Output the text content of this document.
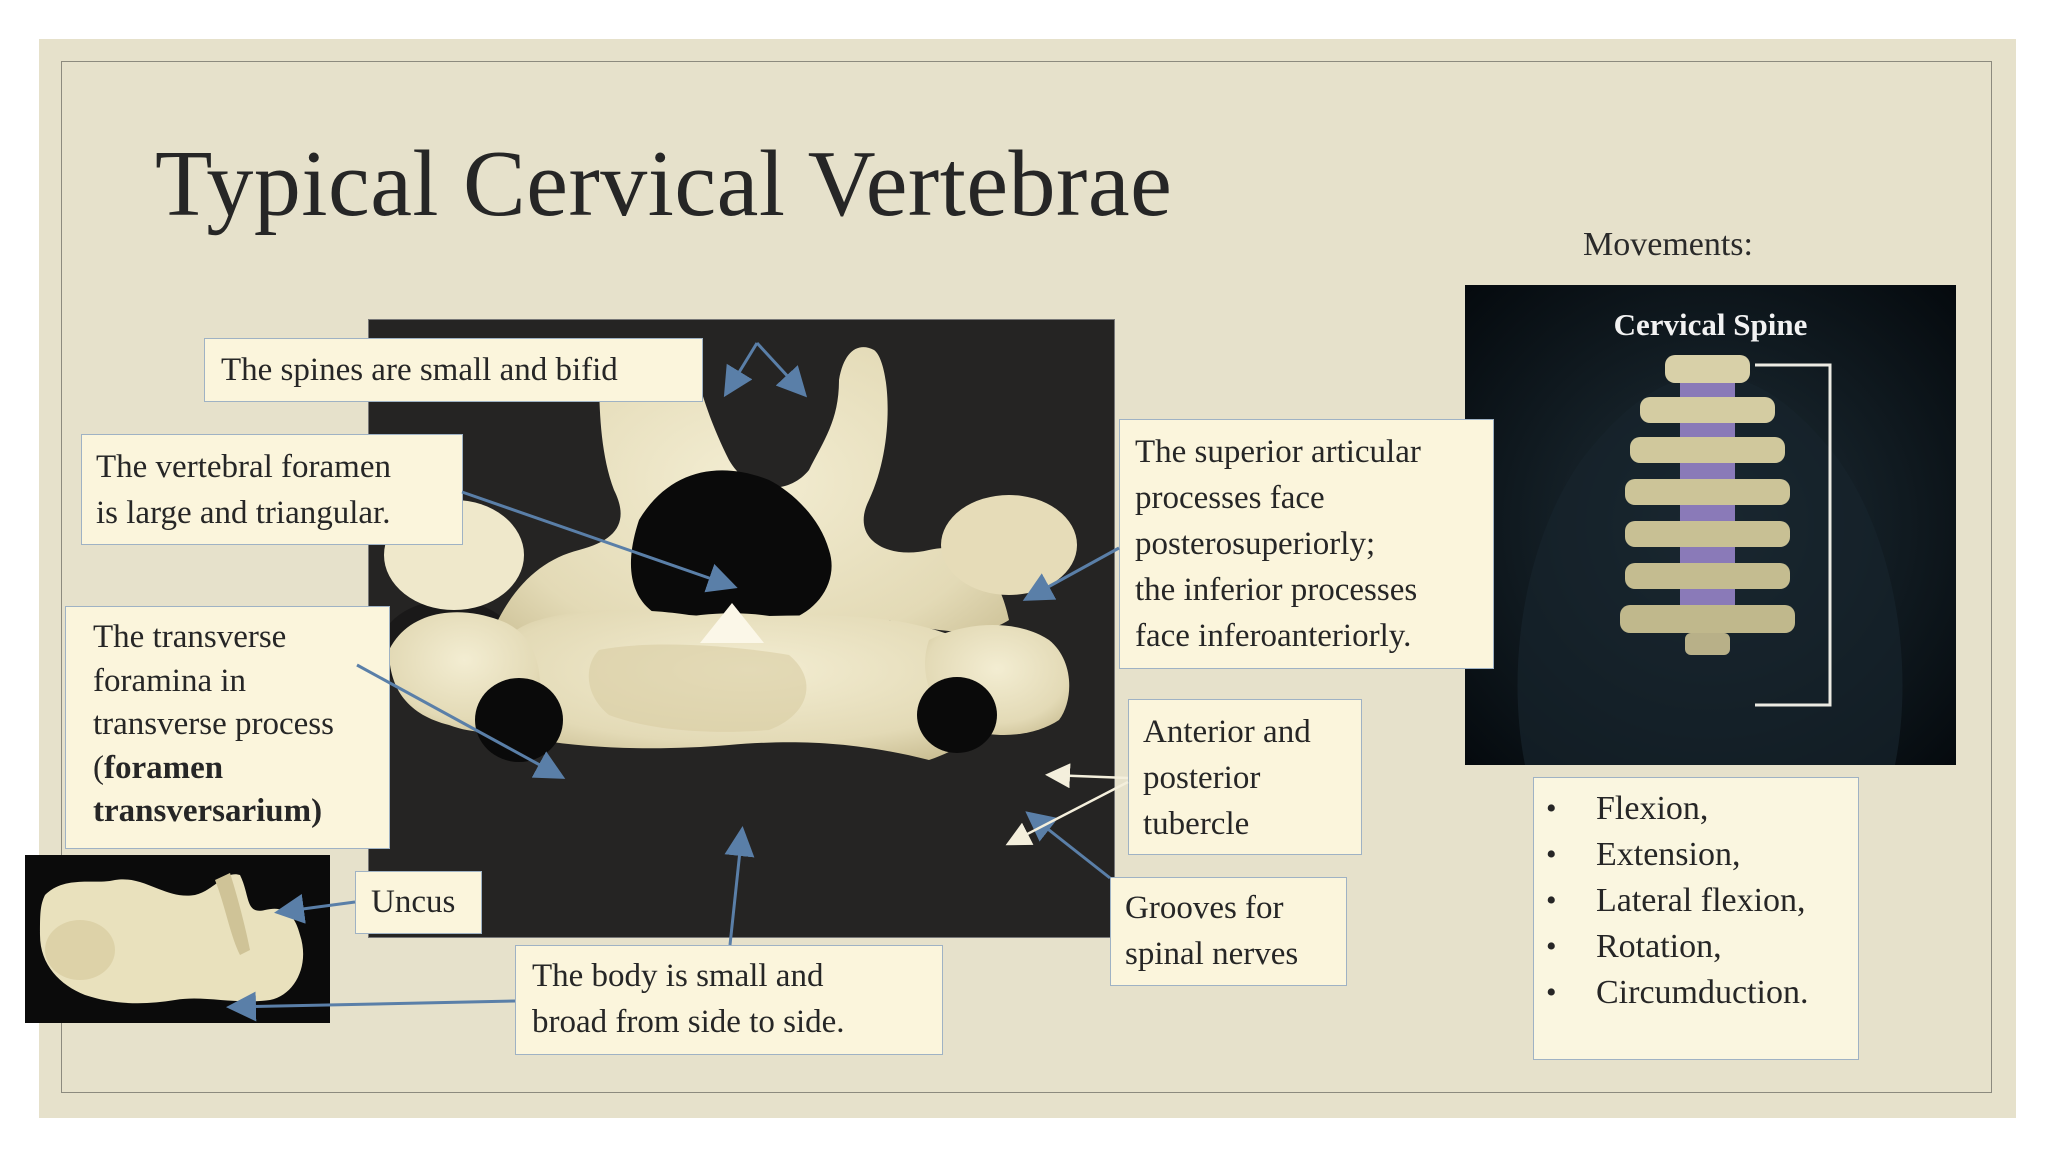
Typical Cervical Vertebrae
Cervical Spine
Movements:
The spines are small and bifid
The vertebral foramen
is large and triangular.
The transverse
foramina in
transverse process
(foramen
transversarium)
Uncus
The body is small and
broad from side to side.
The superior articular
processes face
posterosuperiorly;
the inferior processes
face inferoanteriorly.
Anterior and
posterior
tubercle
Grooves for
spinal nerves
• Flexion,
• Extension,
• Lateral flexion,
• Rotation,
• Circumduction.
